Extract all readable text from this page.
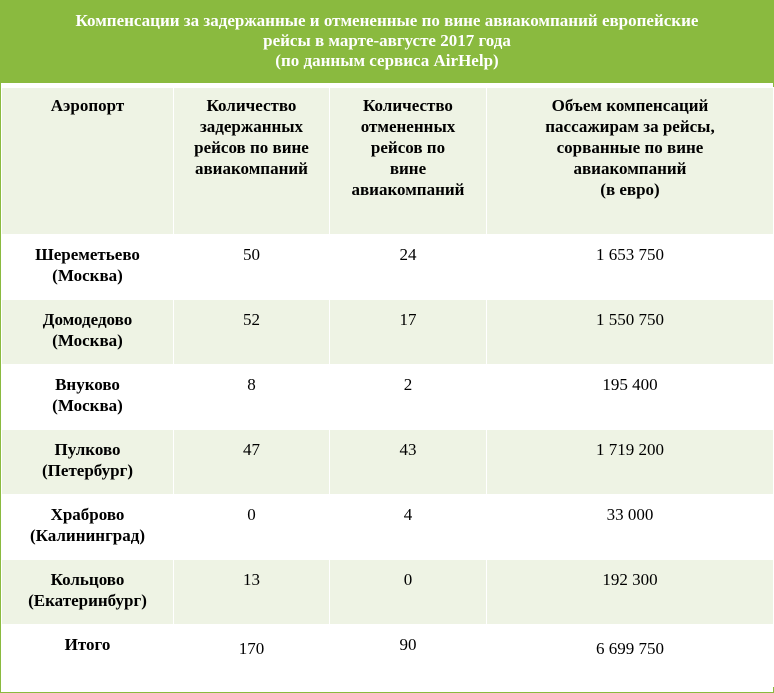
Компенсации за задержанные и отмененные по вине авиакомпаний европейские
рейсы в марте-августе 2017 года
(по данным сервиса AirHelp)
Аэропорт	Количество
задержанных
рейсов по вине
авиакомпаний	Количество
отмененных
рейсов по
вине
авиакомпаний	Объем компенсаций
пассажирам за рейсы,
сорванные по вине
авиакомпаний
(в евро)

Шереметьево
(Москва)	50	24	1 653 750

Домодедово
(Москва)	52	17	1 550 750

Внуково
(Москва)	8	2	195 400

Пулково
(Петербург)	47	43	1 719 200

Храброво
(Калининград)	0	4	33 000

Кольцово
(Екатеринбург)	13	0	192 300

Итого	170	90	6 699 750
